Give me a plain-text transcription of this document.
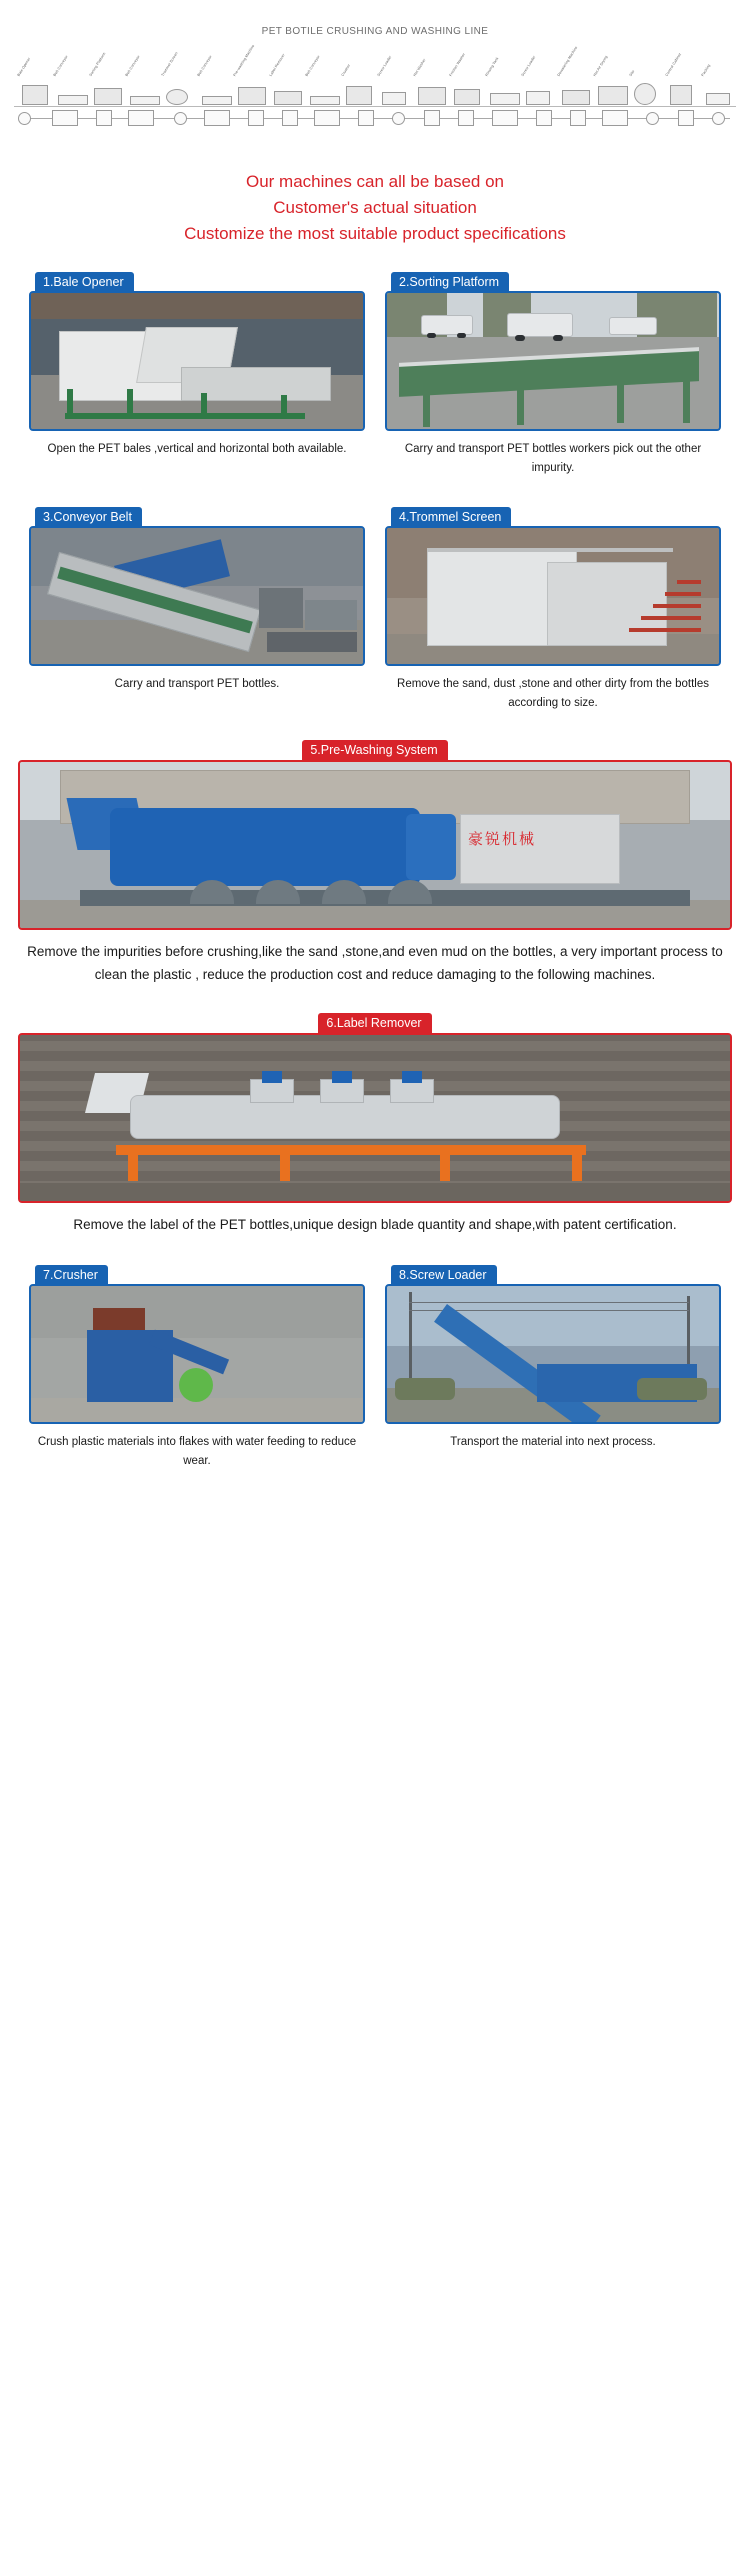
PET BOTILE CRUSHING AND WASHING LINE
Bale Opener	Belt Conveyor	Sorting Platform	Belt Conveyor	Trommel Screen	Belt Conveyor	Pre-washing Machine	Label Remover	Belt Conveyor	Crusher	Screw Loader	Hot Washer	Friction Washer	Rinsing Tank	Screw Loader	Dewatering Machine	Hot Air Drying	Silo	Control Cabinet	Packing
Our machines can all be based on
Customer's actual situation
Customize the most suitable product specifications
1.Bale Opener
Open the PET bales ,vertical and horizontal both available.
2.Sorting Platform
Carry and transport PET bottles workers pick out the other impurity.
3.Conveyor Belt
Carry and transport PET bottles.
4.Trommel Screen
Remove the sand, dust ,stone and other dirty from the bottles according to size.
5.Pre-Washing System
豪锐机械
Remove the impurities before crushing,like the sand ,stone,and even mud on the bottles, a very important process to clean the plastic , reduce the production cost and reduce damaging to the following machines.
6.Label Remover
Remove the label of the PET bottles,unique design blade quantity and shape,with patent certification.
7.Crusher
Crush plastic materials into flakes with water feeding to reduce wear.
8.Screw Loader
Transport the material into next process.
